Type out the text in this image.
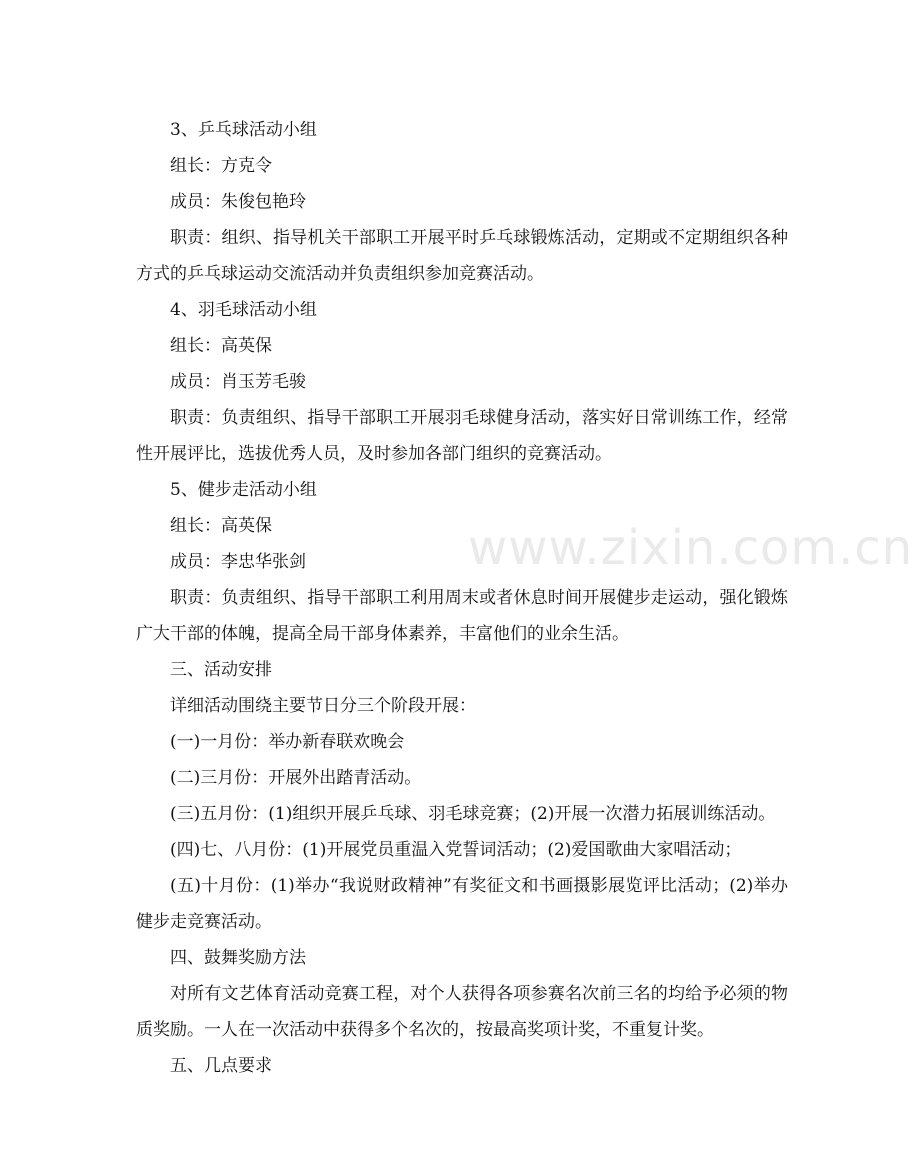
3、乒乓球活动小组

组长：方克令

成员：朱俊包艳玲

职责：组织、指导机关干部职工开展平时乒乓球锻炼活动，定期或不定期组织各种方式的乒乓球运动交流活动并负责组织参加竞赛活动。

4、羽毛球活动小组

组长：高英保

成员：肖玉芳毛骏

职责：负责组织、指导干部职工开展羽毛球健身活动，落实好日常训练工作，经常性开展评比，选拔优秀人员，及时参加各部门组织的竞赛活动。

5、健步走活动小组

组长：高英保

成员：李忠华张剑

职责：负责组织、指导干部职工利用周末或者休息时间开展健步走运动，强化锻炼广大干部的体魄，提高全局干部身体素养，丰富他们的业余生活。

三、活动安排

详细活动围绕主要节日分三个阶段开展：

(一)一月份：举办新春联欢晚会

(二)三月份：开展外出踏青活动。

(三)五月份：(1)组织开展乒乓球、羽毛球竞赛；(2)开展一次潜力拓展训练活动。

(四)七、八月份：(1)开展党员重温入党誓词活动；(2)爱国歌曲大家唱活动；

(五)十月份：(1)举办“我说财政精神”有奖征文和书画摄影展览评比活动；(2)举办健步走竞赛活动。

四、鼓舞奖励方法

对所有文艺体育活动竞赛工程，对个人获得各项参赛名次前三名的均给予必须的物质奖励。一人在一次活动中获得多个名次的，按最高奖项计奖，不重复计奖。

五、几点要求

www.zixin.com.cn
